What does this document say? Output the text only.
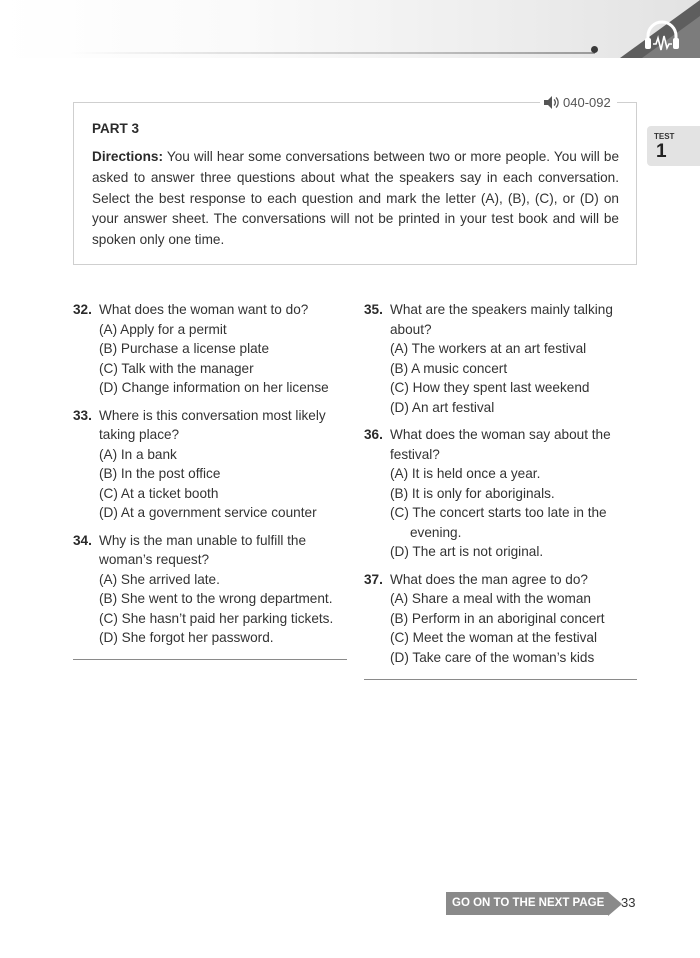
040-092
PART 3

Directions: You will hear some conversations between two or more people. You will be asked to answer three questions about what the speakers say in each conversation. Select the best response to each question and mark the letter (A), (B), (C), or (D) on your answer sheet. The conversations will not be printed in your test book and will be spoken only one time.

TEST
1
32. What does the woman want to do?
(A) Apply for a permit
(B) Purchase a license plate
(C) Talk with the manager
(D) Change information on her license
33. Where is this conversation most likely taking place?
(A) In a bank
(B) In the post office
(C) At a ticket booth
(D) At a government service counter
34. Why is the man unable to fulfill the woman’s request?
(A) She arrived late.
(B) She went to the wrong department.
(C) She hasn’t paid her parking tickets.
(D) She forgot her password.
35. What are the speakers mainly talking about?
(A) The workers at an art festival
(B) A music concert
(C) How they spent last weekend
(D) An art festival
36. What does the woman say about the festival?
(A) It is held once a year.
(B) It is only for aboriginals.
(C) The concert starts too late in the evening.
(D) The art is not original.
37. What does the man agree to do?
(A) Share a meal with the woman
(B) Perform in an aboriginal concert
(C) Meet the woman at the festival
(D) Take care of the woman’s kids
GO ON TO THE NEXT PAGE	33
